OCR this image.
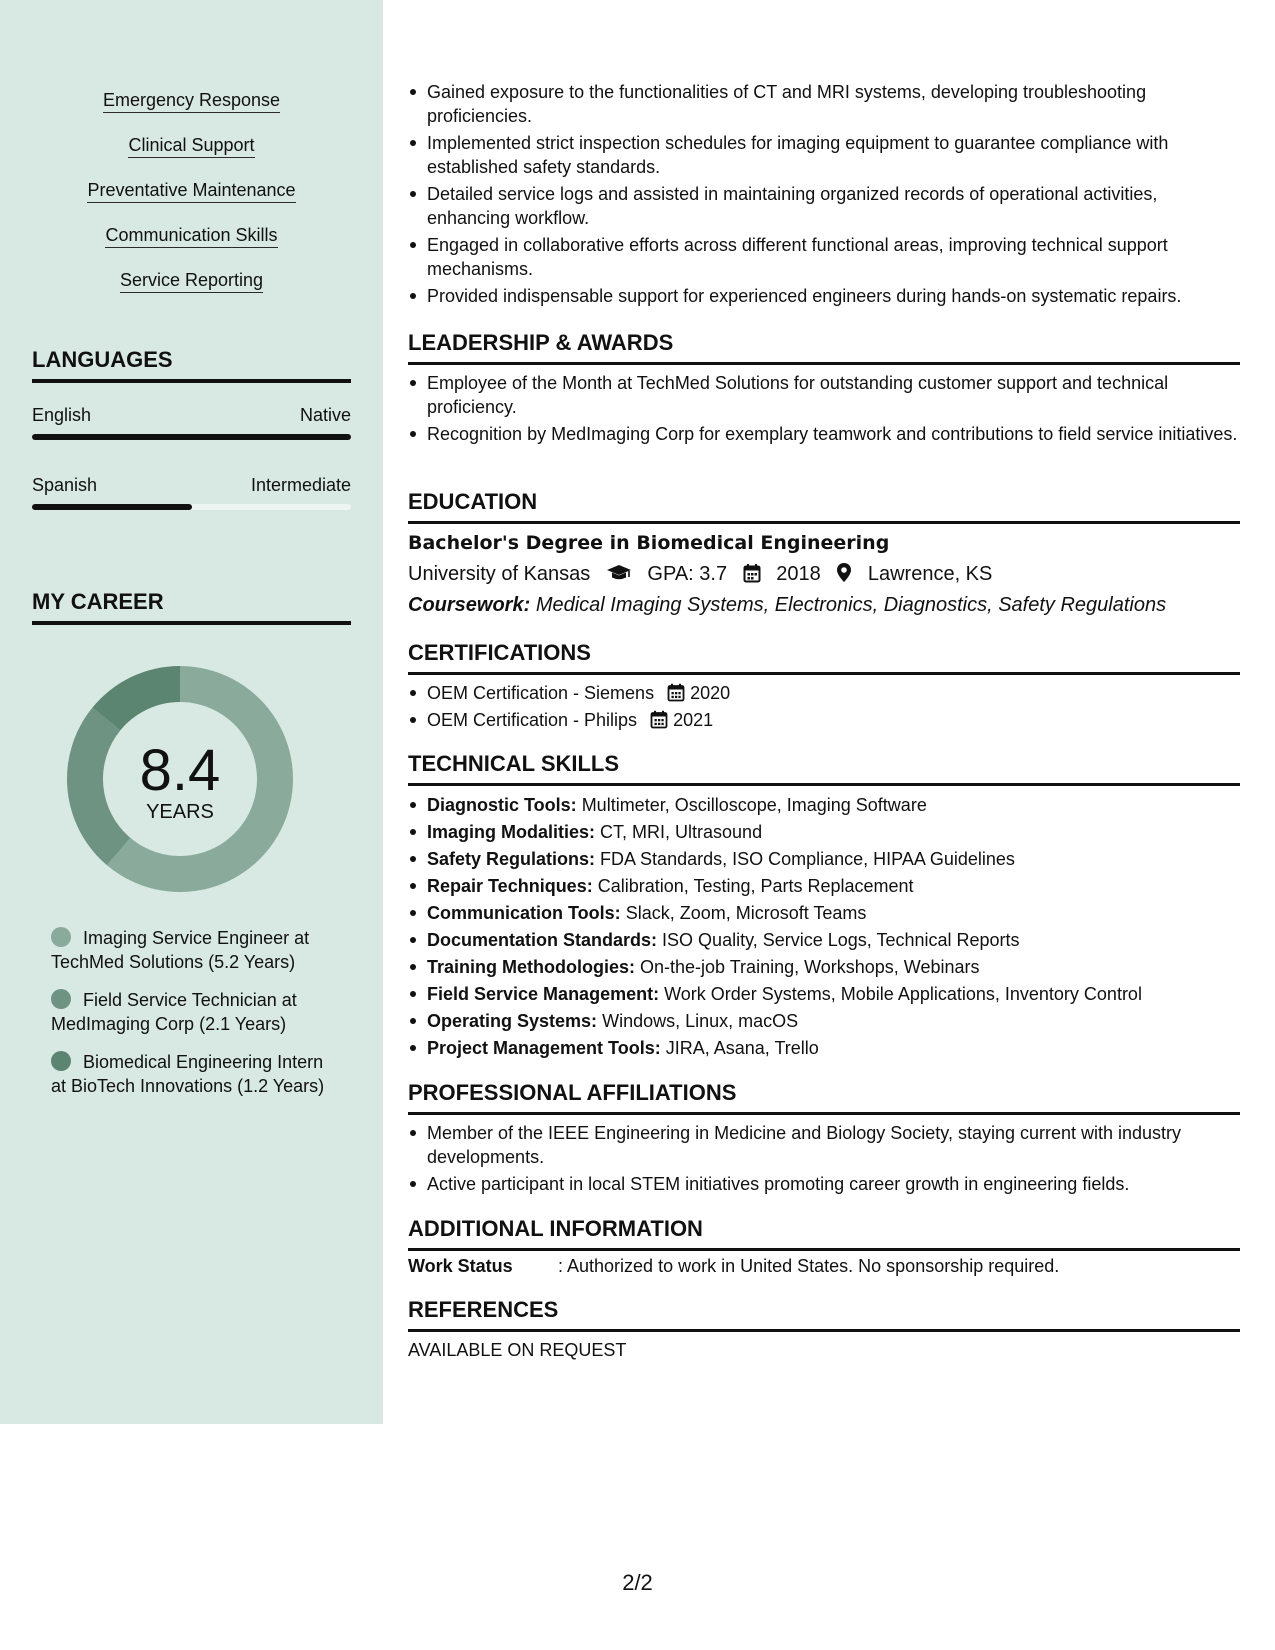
Emergency Response
Clinical Support
Preventative Maintenance
Communication Skills
Service Reporting
LANGUAGES
English	Native
Spanish	Intermediate
MY CAREER
8.4
YEARS
Imaging Service Engineer at TechMed Solutions (5.2 Years)
Field Service Technician at MedImaging Corp (2.1 Years)
Biomedical Engineering Intern at BioTech Innovations (1.2 Years)
Gained exposure to the functionalities of CT and MRI systems, developing troubleshooting proficiencies.
Implemented strict inspection schedules for imaging equipment to guarantee compliance with established safety standards.
Detailed service logs and assisted in maintaining organized records of operational activities, enhancing workflow.
Engaged in collaborative efforts across different functional areas, improving technical support mechanisms.
Provided indispensable support for experienced engineers during hands-on systematic repairs.
LEADERSHIP & AWARDS
Employee of the Month at TechMed Solutions for outstanding customer support and technical proficiency.
Recognition by MedImaging Corp for exemplary teamwork and contributions to field service initiatives.
EDUCATION
Bachelor's Degree in Biomedical Engineering
University of Kansas	GPA: 3.7 2018 Lawrence, KS
Coursework: Medical Imaging Systems, Electronics, Diagnostics, Safety Regulations
CERTIFICATIONS
OEM Certification - Siemens 2020
OEM Certification - Philips 2021
TECHNICAL SKILLS
Diagnostic Tools: Multimeter, Oscilloscope, Imaging Software
Imaging Modalities: CT, MRI, Ultrasound
Safety Regulations: FDA Standards, ISO Compliance, HIPAA Guidelines
Repair Techniques: Calibration, Testing, Parts Replacement
Communication Tools: Slack, Zoom, Microsoft Teams
Documentation Standards: ISO Quality, Service Logs, Technical Reports
Training Methodologies: On-the-job Training, Workshops, Webinars
Field Service Management: Work Order Systems, Mobile Applications, Inventory Control
Operating Systems: Windows, Linux, macOS
Project Management Tools: JIRA, Asana, Trello
PROFESSIONAL AFFILIATIONS
Member of the IEEE Engineering in Medicine and Biology Society, staying current with industry developments.
Active participant in local STEM initiatives promoting career growth in engineering fields.
ADDITIONAL INFORMATION
Work Status	: Authorized to work in United States. No sponsorship required.
REFERENCES
AVAILABLE ON REQUEST
2/2
